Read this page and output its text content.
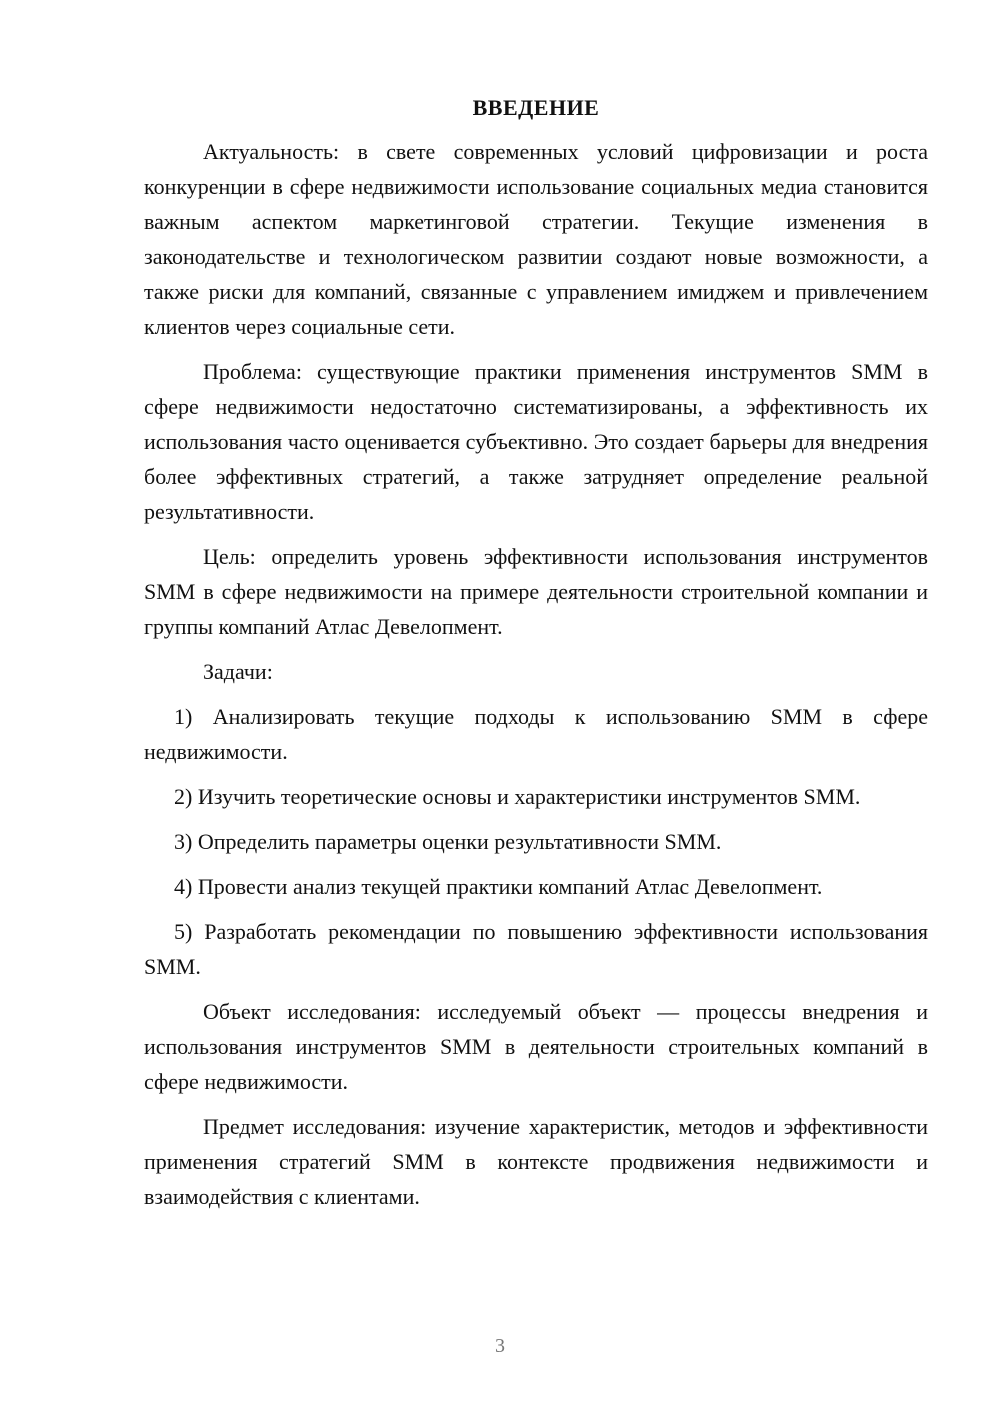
ВВЕДЕНИЕ

Актуальность: в свете современных условий цифровизации и роста конкуренции в сфере недвижимости использование социальных медиа становится важным аспектом маркетинговой стратегии. Текущие изменения в законодательстве и технологическом развитии создают новые возможности, а также риски для компаний, связанные с управлением имиджем и привлечением клиентов через социальные сети.

Проблема: существующие практики применения инструментов SMM в сфере недвижимости недостаточно систематизированы, а эффективность их использования часто оценивается субъективно. Это создает барьеры для внедрения более эффективных стратегий, а также затрудняет определение реальной результативности.

Цель: определить уровень эффективности использования инструментов SMM в сфере недвижимости на примере деятельности строительной компании и группы компаний Атлас Девелопмент.

Задачи:

1) Анализировать текущие подходы к использованию SMM в сфере недвижимости.

2) Изучить теоретические основы и характеристики инструментов SMM.

3) Определить параметры оценки результативности SMM.

4) Провести анализ текущей практики компаний Атлас Девелопмент.

5) Разработать рекомендации по повышению эффективности использования SMM.

Объект исследования: исследуемый объект — процессы внедрения и использования инструментов SMM в деятельности строительных компаний в сфере недвижимости.

Предмет исследования: изучение характеристик, методов и эффективности применения стратегий SMM в контексте продвижения недвижимости и взаимодействия с клиентами.

3
